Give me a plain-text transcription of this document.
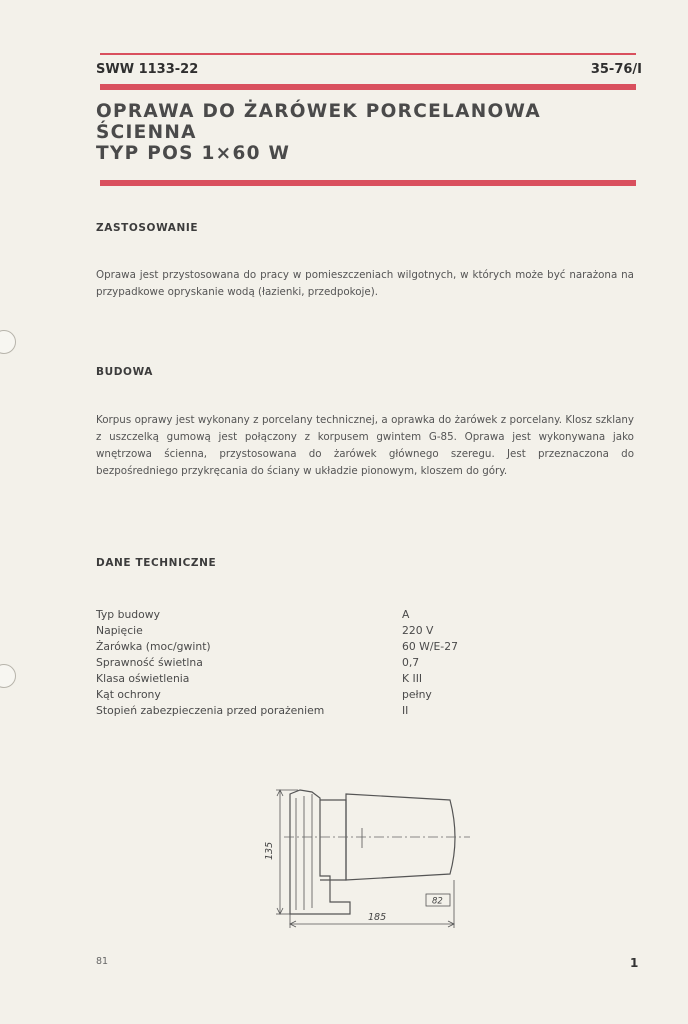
SWW 1133-22	35-76/I
OPRAWA DO ŻARÓWEK PORCELANOWA
ŚCIENNA
TYP POS 1×60 W
ZASTOSOWANIE
Oprawa jest przystosowana do pracy w pomieszczeniach wilgotnych, w których może być narażona na przypadkowe opryskanie wodą (łazienki, przedpokoje).
BUDOWA
Korpus oprawy jest wykonany z porcelany technicznej, a oprawka do żarówek z porcelany. Klosz szklany z uszczelką gumową jest połączony z korpusem gwintem G-85. Oprawa jest wykonywana jako wnętrzowa ścienna, przystosowana do żarówek głównego szeregu. Jest przeznaczona do bezpośredniego przykręcania do ściany w układzie pionowym, kloszem do góry.
DANE TECHNICZNE
Typ budowy	A
Napięcie	220 V
Żarówka (moc/gwint)	60 W/E-27
Sprawność świetlna	0,7
Klasa oświetlenia	K III
Kąt ochrony	pełny
Stopień zabezpieczenia przed porażeniem	II
135
185
82
81	1
